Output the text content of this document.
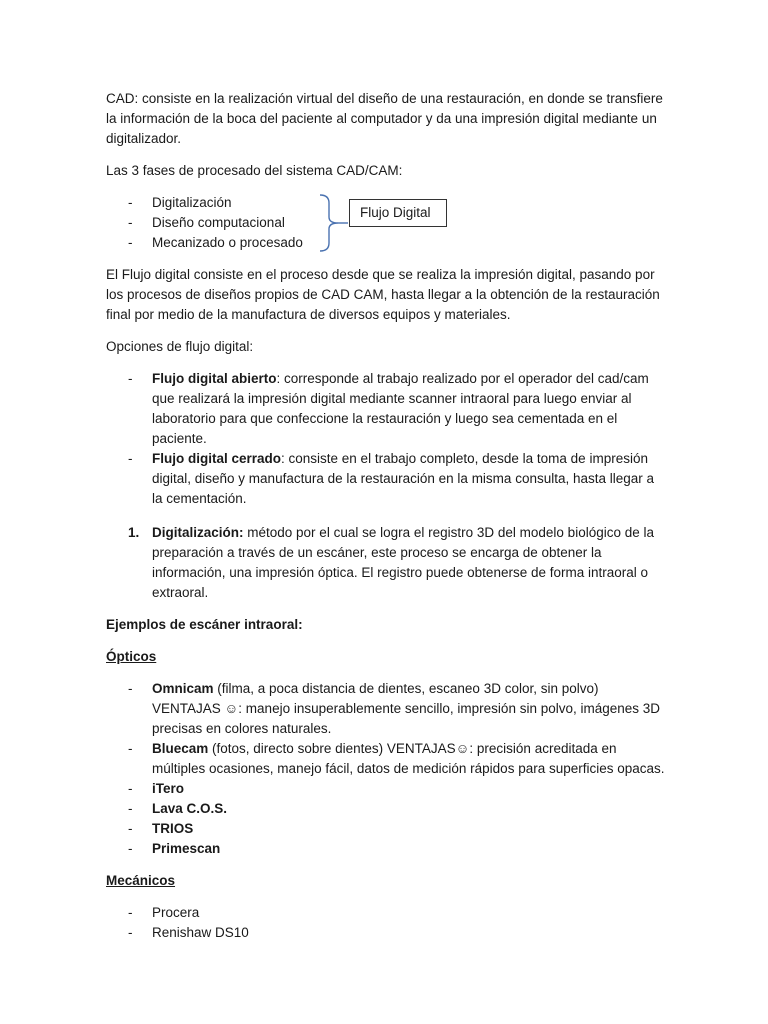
CAD: consiste en la realización virtual del diseño de una restauración, en donde se transfiere la información de la boca del paciente al computador y da una impresión digital mediante un digitalizador.

Las 3 fases de procesado del sistema CAD/CAM:

- Digitalización
- Diseño computacional
- Mecanizado o procesado
Flujo Digital

El Flujo digital consiste en el proceso desde que se realiza la impresión digital, pasando por los procesos de diseños propios de CAD CAM, hasta llegar a la obtención de la restauración final por medio de la manufactura de diversos equipos y materiales.

Opciones de flujo digital:

- Flujo digital abierto: corresponde al trabajo realizado por el operador del cad/cam que realizará la impresión digital mediante scanner intraoral para luego enviar al laboratorio para que confeccione la restauración y luego sea cementada en el paciente.
- Flujo digital cerrado: consiste en el trabajo completo, desde la toma de impresión digital, diseño y manufactura de la restauración en la misma consulta, hasta llegar a la cementación.
1. Digitalización: método por el cual se logra el registro 3D del modelo biológico de la preparación a través de un escáner, este proceso se encarga de obtener la información, una impresión óptica. El registro puede obtenerse de forma intraoral o extraoral.

Ejemplos de escáner intraoral:

Ópticos

- Omnicam (filma, a poca distancia de dientes, escaneo 3D color, sin polvo) VENTAJAS ☺: manejo insuperablemente sencillo, impresión sin polvo, imágenes 3D precisas en colores naturales.
- Bluecam (fotos, directo sobre dientes) VENTAJAS☺: precisión acreditada en múltiples ocasiones, manejo fácil, datos de medición rápidos para superficies opacas.
- iTero
- Lava C.O.S.
- TRIOS
- Primescan

Mecánicos

- Procera
- Renishaw DS10
